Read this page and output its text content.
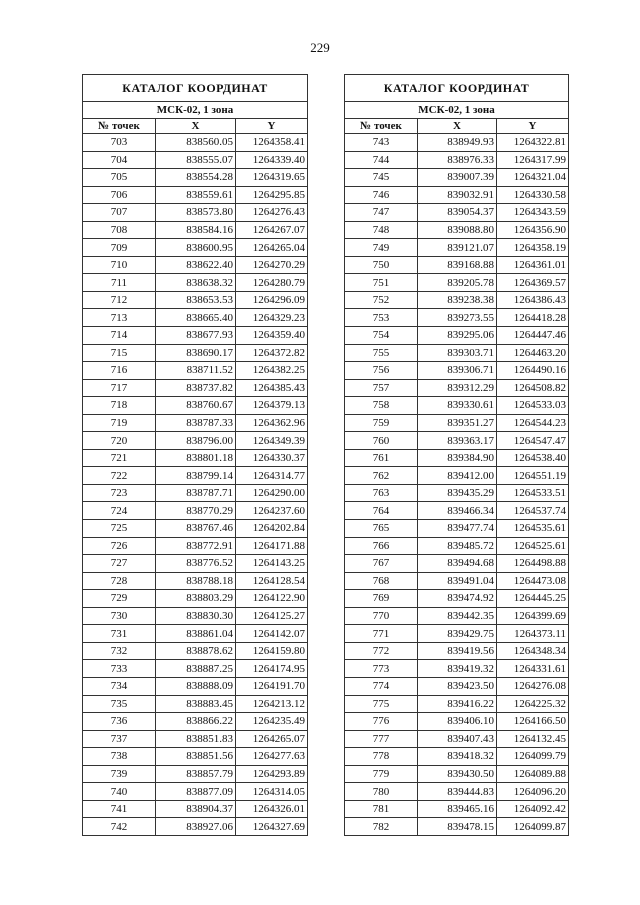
229
КАТАЛОГ КООРДИНАТ		
МСК-02, 1 зона		
№ точек	X	Y
703	838560.05	1264358.41
704	838555.07	1264339.40
705	838554.28	1264319.65
706	838559.61	1264295.85
707	838573.80	1264276.43
708	838584.16	1264267.07
709	838600.95	1264265.04
710	838622.40	1264270.29
711	838638.32	1264280.79
712	838653.53	1264296.09
713	838665.40	1264329.23
714	838677.93	1264359.40
715	838690.17	1264372.82
716	838711.52	1264382.25
717	838737.82	1264385.43
718	838760.67	1264379.13
719	838787.33	1264362.96
720	838796.00	1264349.39
721	838801.18	1264330.37
722	838799.14	1264314.77
723	838787.71	1264290.00
724	838770.29	1264237.60
725	838767.46	1264202.84
726	838772.91	1264171.88
727	838776.52	1264143.25
728	838788.18	1264128.54
729	838803.29	1264122.90
730	838830.30	1264125.27
731	838861.04	1264142.07
732	838878.62	1264159.80
733	838887.25	1264174.95
734	838888.09	1264191.70
735	838883.45	1264213.12
736	838866.22	1264235.49
737	838851.83	1264265.07
738	838851.56	1264277.63
739	838857.79	1264293.89
740	838877.09	1264314.05
741	838904.37	1264326.01
742	838927.06	1264327.69
КАТАЛОГ КООРДИНАТ		
МСК-02, 1 зона		
№ точек	X	Y
743	838949.93	1264322.81
744	838976.33	1264317.99
745	839007.39	1264321.04
746	839032.91	1264330.58
747	839054.37	1264343.59
748	839088.80	1264356.90
749	839121.07	1264358.19
750	839168.88	1264361.01
751	839205.78	1264369.57
752	839238.38	1264386.43
753	839273.55	1264418.28
754	839295.06	1264447.46
755	839303.71	1264463.20
756	839306.71	1264490.16
757	839312.29	1264508.82
758	839330.61	1264533.03
759	839351.27	1264544.23
760	839363.17	1264547.47
761	839384.90	1264538.40
762	839412.00	1264551.19
763	839435.29	1264533.51
764	839466.34	1264537.74
765	839477.74	1264535.61
766	839485.72	1264525.61
767	839494.68	1264498.88
768	839491.04	1264473.08
769	839474.92	1264445.25
770	839442.35	1264399.69
771	839429.75	1264373.11
772	839419.56	1264348.34
773	839419.32	1264331.61
774	839423.50	1264276.08
775	839416.22	1264225.32
776	839406.10	1264166.50
777	839407.43	1264132.45
778	839418.32	1264099.79
779	839430.50	1264089.88
780	839444.83	1264096.20
781	839465.16	1264092.42
782	839478.15	1264099.87
